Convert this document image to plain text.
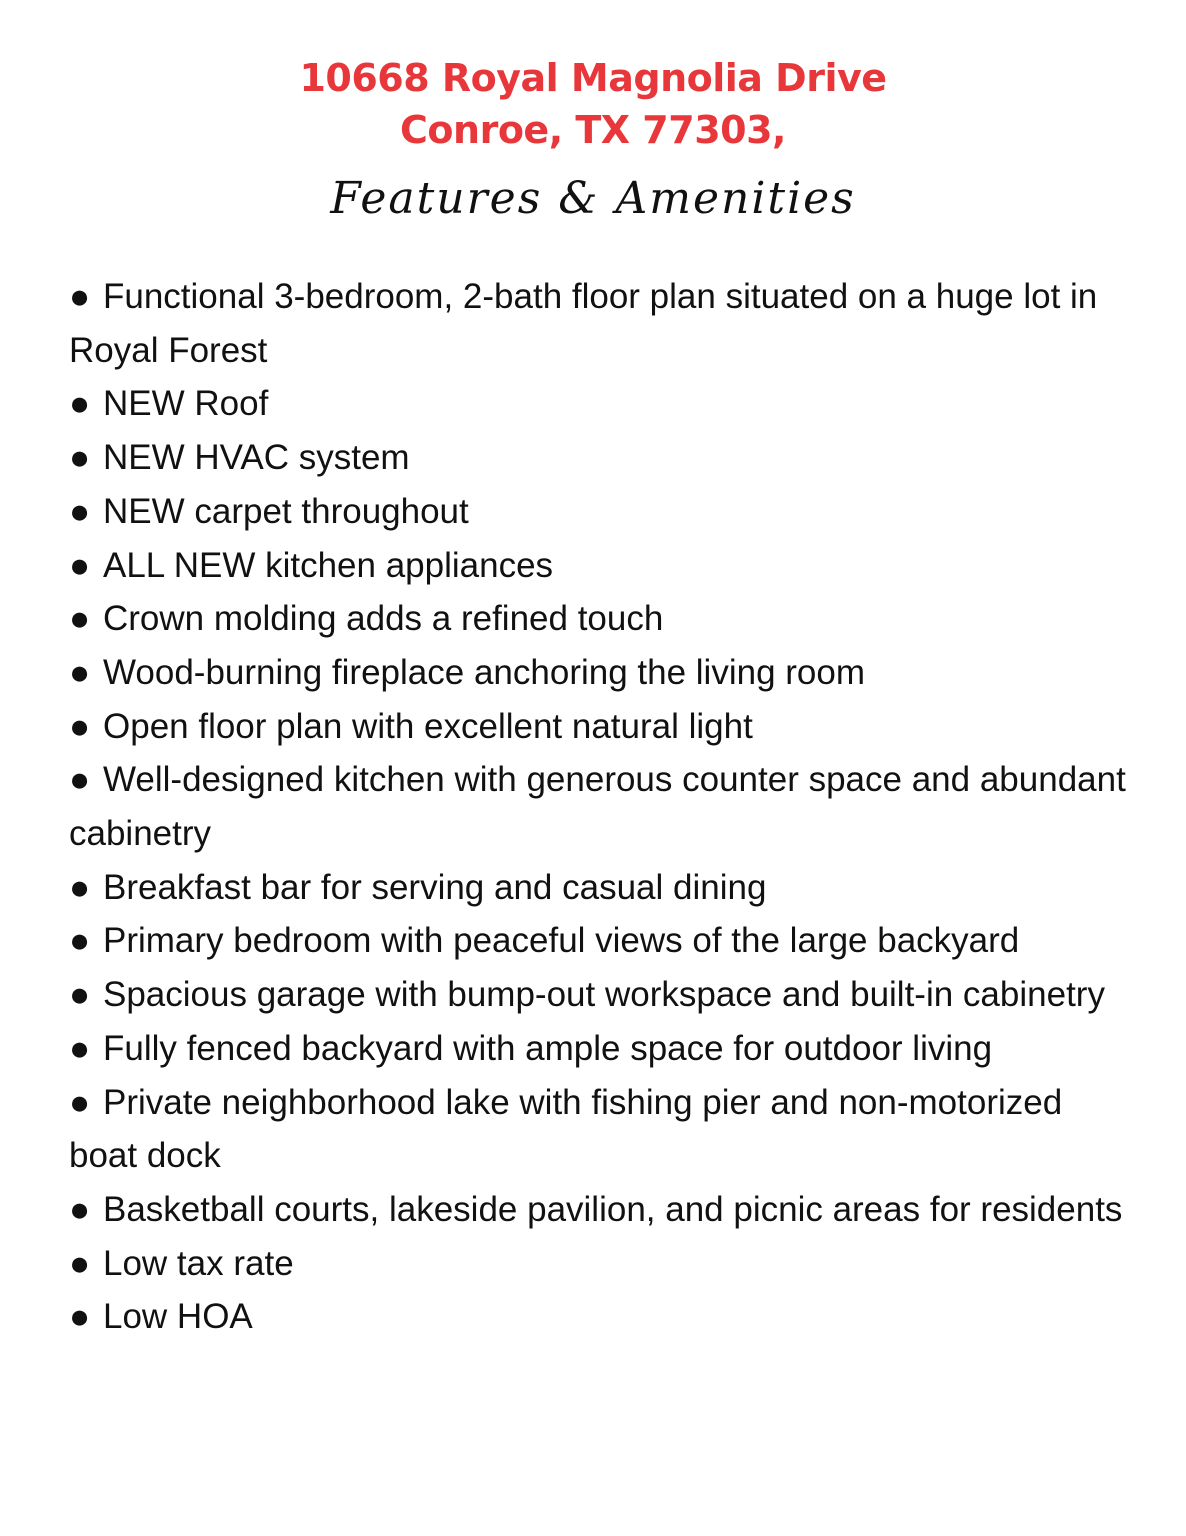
10668 Royal Magnolia Drive
Conroe, TX 77303,
Features & Amenities
● Functional 3-bedroom, 2-bath floor plan situated on a huge lot in Royal Forest
● NEW Roof
● NEW HVAC system
● NEW carpet throughout
● ALL NEW kitchen appliances
● Crown molding adds a refined touch
● Wood-burning fireplace anchoring the living room
● Open floor plan with excellent natural light
● Well-designed kitchen with generous counter space and abundant cabinetry
● Breakfast bar for serving and casual dining
● Primary bedroom with peaceful views of the large backyard
● Spacious garage with bump-out workspace and built-in cabinetry
● Fully fenced backyard with ample space for outdoor living
● Private neighborhood lake with fishing pier and non-motorized boat dock
● Basketball courts, lakeside pavilion, and picnic areas for residents
● Low tax rate
● Low HOA
